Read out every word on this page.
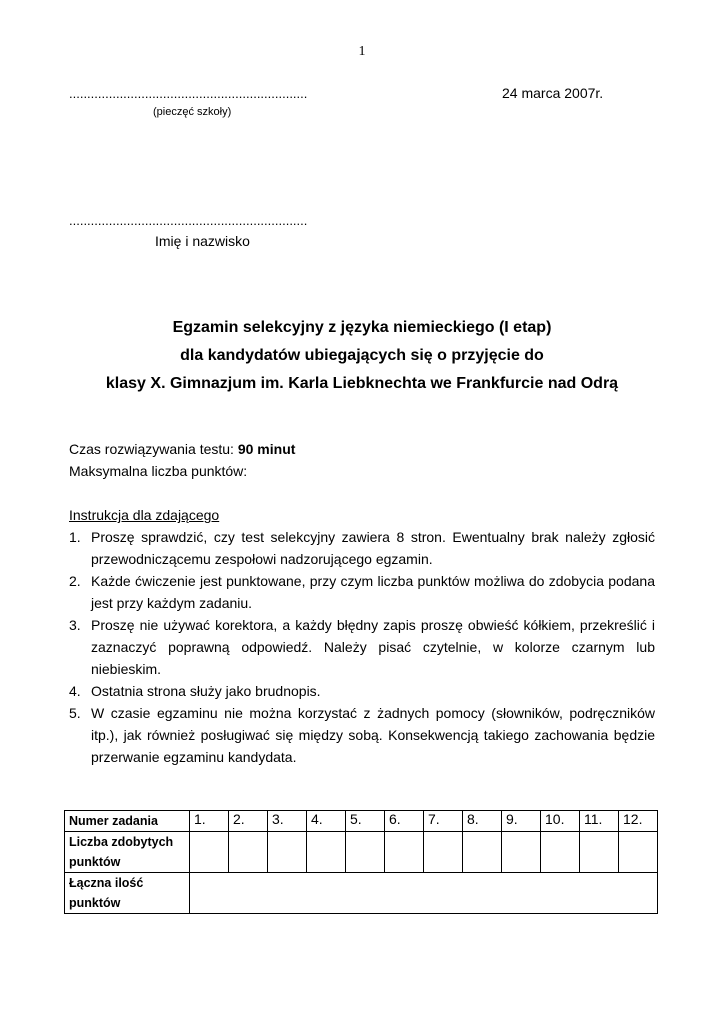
1
..................................................................	24 marca 2007r.
(pieczęć szkoły)
..................................................................
Imię i nazwisko
Egzamin selekcyjny z języka niemieckiego (I etap)
dla kandydatów ubiegających się o przyjęcie do
klasy X. Gimnazjum im. Karla Liebknechta we Frankfurcie nad Odrą
Czas rozwiązywania testu: 90 minut
Maksymalna liczba punktów:
Instrukcja dla zdającego
1. Proszę sprawdzić, czy test selekcyjny zawiera 8 stron. Ewentualny brak należy zgłosić przewodniczącemu zespołowi nadzorującego egzamin.
2. Każde ćwiczenie jest punktowane, przy czym liczba punktów możliwa do zdobycia podana jest przy każdym zadaniu.
3. Proszę nie używać korektora, a każdy błędny zapis proszę obwieść kółkiem, przekreślić i zaznaczyć poprawną odpowiedź. Należy pisać czytelnie, w kolorze czarnym lub niebieskim.
4. Ostatnia strona służy jako brudnopis.
5. W czasie egzaminu nie można korzystać z żadnych pomocy (słowników, podręczników itp.), jak również posługiwać się między sobą. Konsekwencją takiego zachowania będzie przerwanie egzaminu kandydata.
Numer zadania	1.	2.	3.	4.	5.	6.	7.	8.	9.	10.	11.	12.
Liczba zdobytych punktów												
Łączna ilość punktów												
